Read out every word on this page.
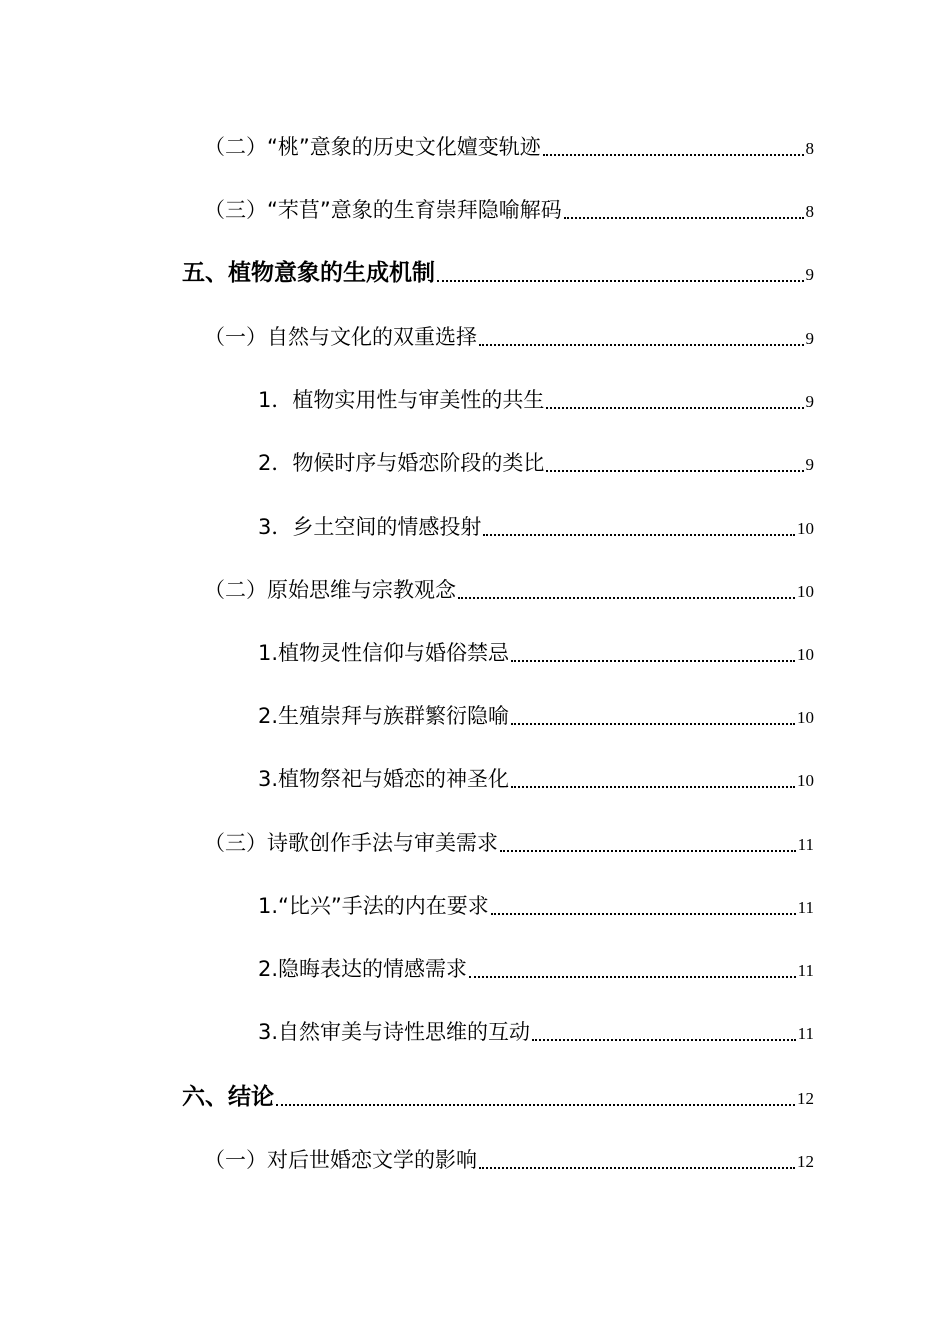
（二）“桃”意象的历史文化嬗变轨迹	8
（三）“芣苢”意象的生育崇拜隐喻解码	8
五、植物意象的生成机制	9
（一）自然与文化的双重选择	9
1．植物实用性与审美性的共生	9
2．物候时序与婚恋阶段的类比	9
3．乡土空间的情感投射	10
（二）原始思维与宗教观念	10
1.植物灵性信仰与婚俗禁忌	10
2.生殖崇拜与族群繁衍隐喻	10
3.植物祭祀与婚恋的神圣化	10
（三）诗歌创作手法与审美需求	11
1.“比兴”手法的内在要求	11
2.隐晦表达的情感需求	11
3.自然审美与诗性思维的互动	11
六、结论	12
（一）对后世婚恋文学的影响	12
